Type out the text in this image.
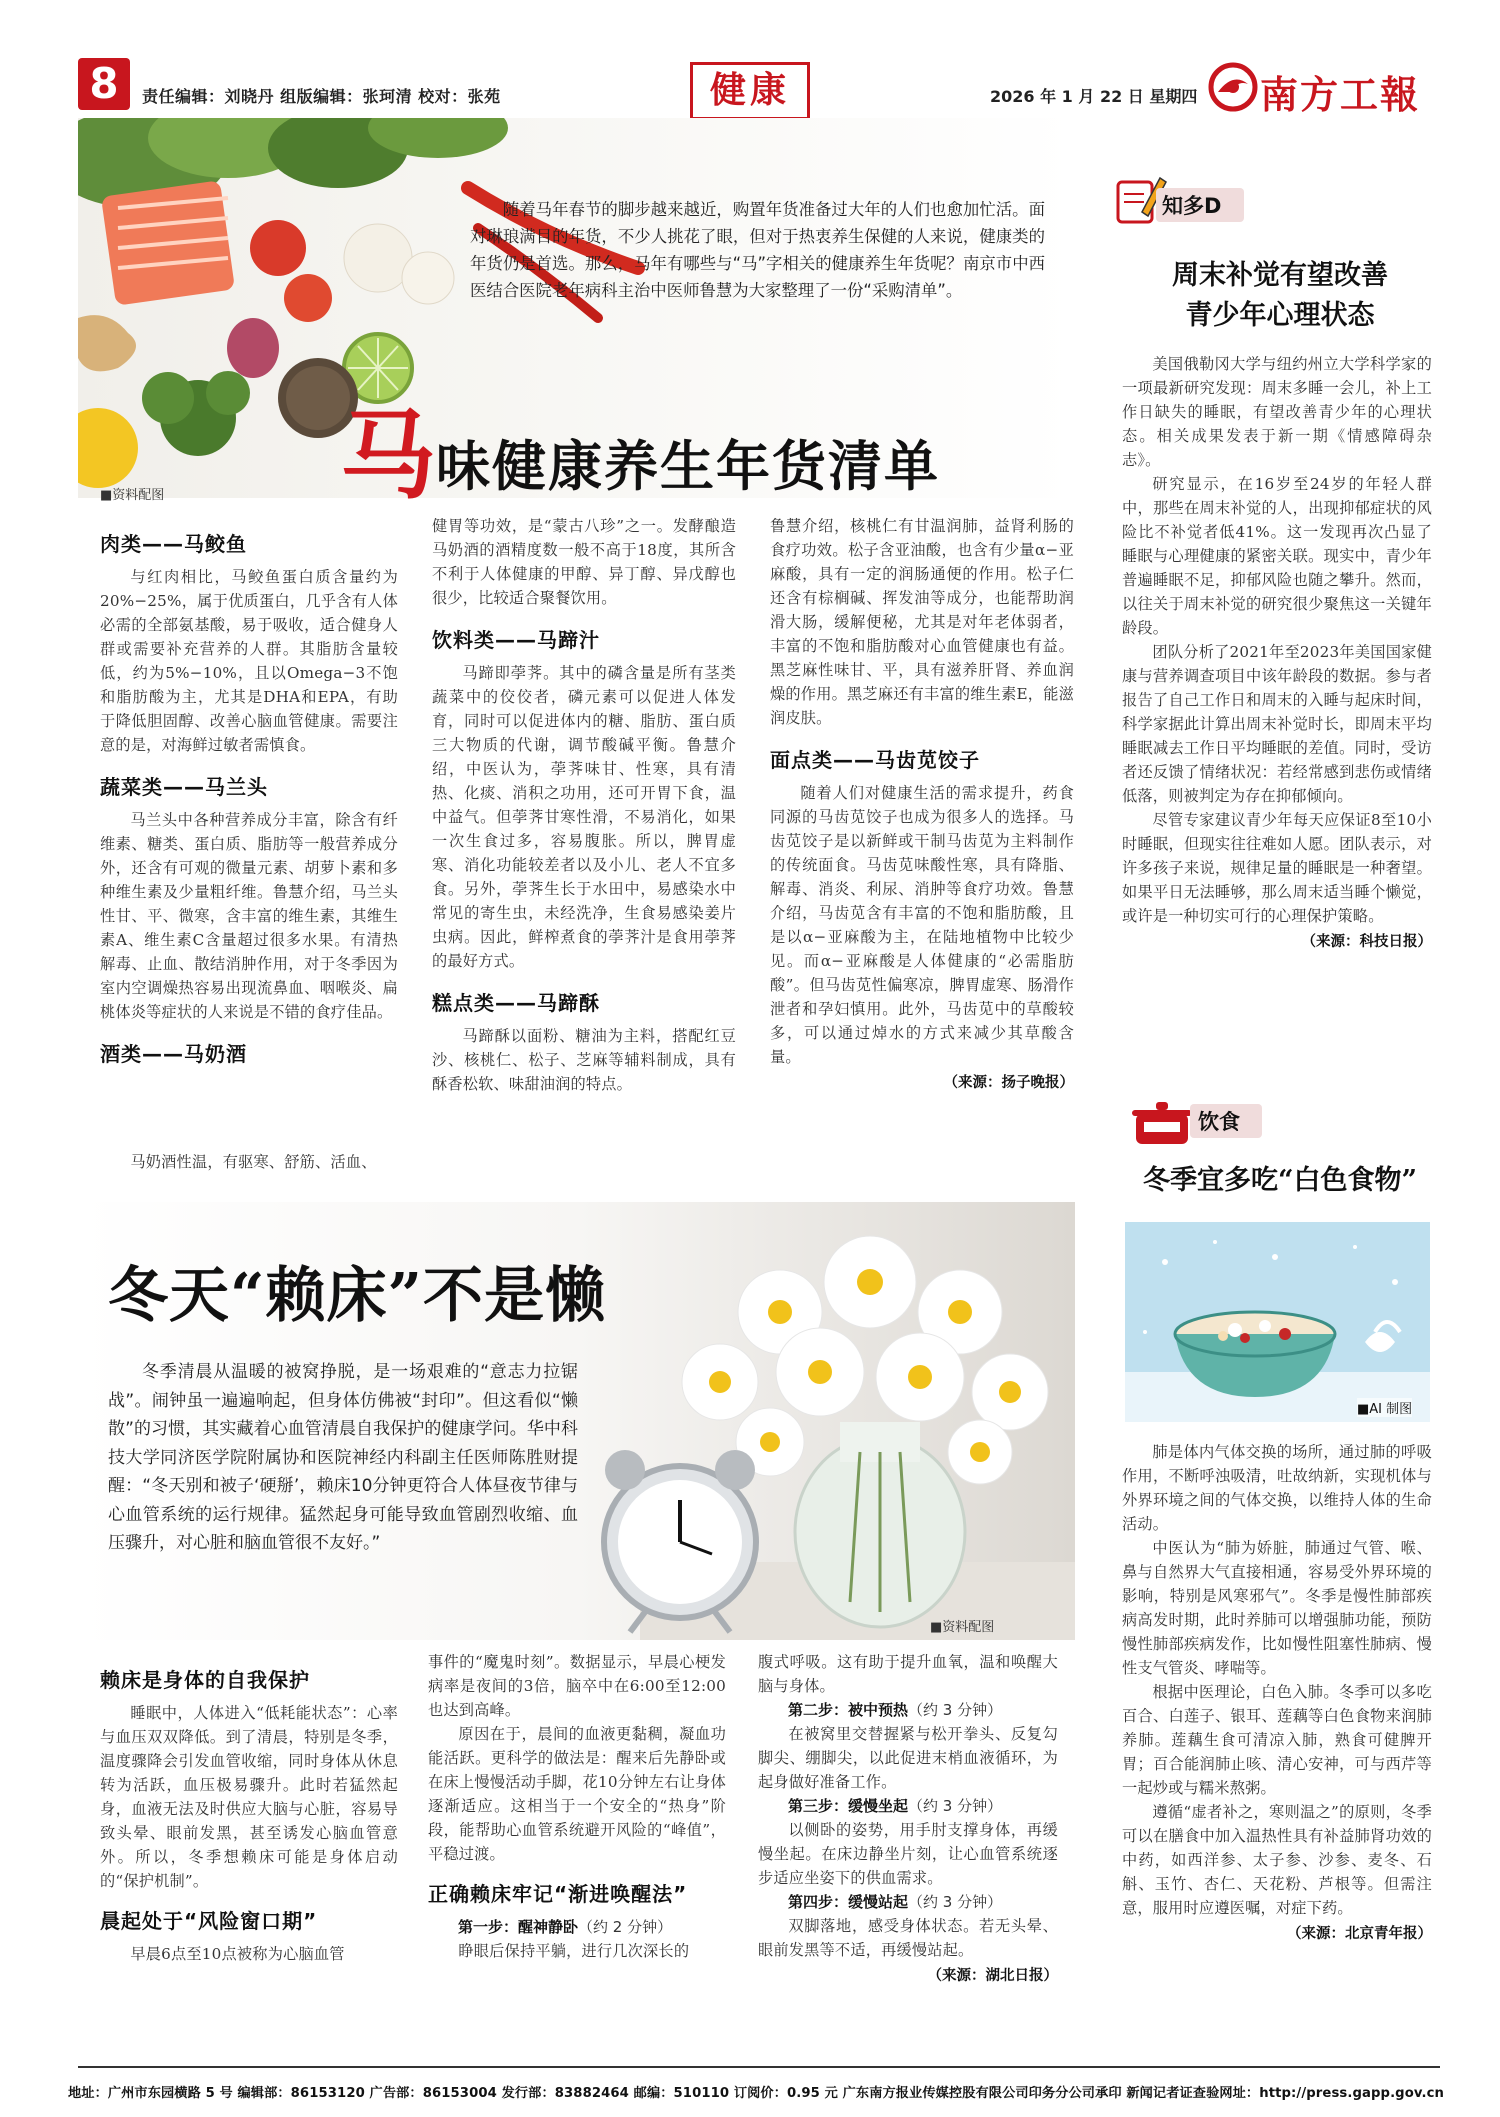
8	责任编辑：刘晓丹 组版编辑：张珂清 校对：张苑	健康	2026 年 1 月 22 日 星期四 南方工報
■资料配图
随着马年春节的脚步越来越近，购置年货准备过大年的人们也愈加忙活。面对琳琅满目的年货，不少人挑花了眼，但对于热衷养生保健的人来说，健康类的年货仍是首选。那么，马年有哪些与“马”字相关的健康养生年货呢？南京市中西医结合医院老年病科主治中医师鲁慧为大家整理了一份“采购清单”。
马味健康养生年货清单
肉类——马鲛鱼

与红肉相比，马鲛鱼蛋白质含量约为20%−25%，属于优质蛋白，几乎含有人体必需的全部氨基酸，易于吸收，适合健身人群或需要补充营养的人群。其脂肪含量较低，约为5%−10%，且以Omega−3不饱和脂肪酸为主，尤其是DHA和EPA，有助于降低胆固醇、改善心脑血管健康。需要注意的是，对海鲜过敏者需慎食。

蔬菜类——马兰头

马兰头中各种营养成分丰富，除含有纤维素、糖类、蛋白质、脂肪等一般营养成分外，还含有可观的微量元素、胡萝卜素和多种维生素及少量粗纤维。鲁慧介绍，马兰头性甘、平、微寒，含丰富的维生素，其维生素A、维生素C含量超过很多水果。有清热解毒、止血、散结消肿作用，对于冬季因为室内空调燥热容易出现流鼻血、咽喉炎、扁桃体炎等症状的人来说是不错的食疗佳品。

酒类——马奶酒

马奶酒性温，有驱寒、舒筋、活血、

健胃等功效，是“蒙古八珍”之一。发酵酿造马奶酒的酒精度数一般不高于18度，其所含不利于人体健康的甲醇、异丁醇、异戊醇也很少，比较适合聚餐饮用。

饮料类——马蹄汁

马蹄即荸荠。其中的磷含量是所有茎类蔬菜中的佼佼者，磷元素可以促进人体发育，同时可以促进体内的糖、脂肪、蛋白质三大物质的代谢，调节酸碱平衡。鲁慧介绍，中医认为，荸荠味甘、性寒，具有清热、化痰、消积之功用，还可开胃下食，温中益气。但荸荠甘寒性滑，不易消化，如果一次生食过多，容易腹胀。所以，脾胃虚寒、消化功能较差者以及小儿、老人不宜多食。另外，荸荠生长于水田中，易感染水中常见的寄生虫，未经洗净，生食易感染姜片虫病。因此，鲜榨煮食的荸荠汁是食用荸荠的最好方式。

糕点类——马蹄酥

马蹄酥以面粉、糖油为主料，搭配红豆沙、核桃仁、松子、芝麻等辅料制成，具有酥香松软、味甜油润的特点。

鲁慧介绍，核桃仁有甘温润肺，益肾利肠的食疗功效。松子含亚油酸，也含有少量α−亚麻酸，具有一定的润肠通便的作用。松子仁还含有棕榈碱、挥发油等成分，也能帮助润滑大肠，缓解便秘，尤其是对年老体弱者，丰富的不饱和脂肪酸对心血管健康也有益。黑芝麻性味甘、平，具有滋养肝肾、养血润燥的作用。黑芝麻还有丰富的维生素E，能滋润皮肤。

面点类——马齿苋饺子

随着人们对健康生活的需求提升，药食同源的马齿苋饺子也成为很多人的选择。马齿苋饺子是以新鲜或干制马齿苋为主料制作的传统面食。马齿苋味酸性寒，具有降脂、解毒、消炎、利尿、消肿等食疗功效。鲁慧介绍，马齿苋含有丰富的不饱和脂肪酸，且是以α−亚麻酸为主，在陆地植物中比较少见。而α−亚麻酸是人体健康的“必需脂肪酸”。但马齿苋性偏寒凉，脾胃虚寒、肠滑作泄者和孕妇慎用。此外，马齿苋中的草酸较多，可以通过焯水的方式来减少其草酸含量。

（来源：扬子晚报）
知多D
周末补觉有望改善
青少年心理状态

美国俄勒冈大学与纽约州立大学科学家的一项最新研究发现：周末多睡一会儿，补上工作日缺失的睡眠，有望改善青少年的心理状态。相关成果发表于新一期《情感障碍杂志》。

研究显示，在16岁至24岁的年轻人群中，那些在周末补觉的人，出现抑郁症状的风险比不补觉者低41%。这一发现再次凸显了睡眠与心理健康的紧密关联。现实中，青少年普遍睡眠不足，抑郁风险也随之攀升。然而，以往关于周末补觉的研究很少聚焦这一关键年龄段。

团队分析了2021年至2023年美国国家健康与营养调查项目中该年龄段的数据。参与者报告了自己工作日和周末的入睡与起床时间，科学家据此计算出周末补觉时长，即周末平均睡眠减去工作日平均睡眠的差值。同时，受访者还反馈了情绪状况：若经常感到悲伤或情绪低落，则被判定为存在抑郁倾向。

尽管专家建议青少年每天应保证8至10小时睡眠，但现实往往难如人愿。团队表示，对许多孩子来说，规律足量的睡眠是一种奢望。如果平日无法睡够，那么周末适当睡个懒觉，或许是一种切实可行的心理保护策略。

（来源：科技日报）
饮食
冬季宜多吃“白色食物”
■AI 制图

肺是体内气体交换的场所，通过肺的呼吸作用，不断呼浊吸清，吐故纳新，实现机体与外界环境之间的气体交换，以维持人体的生命活动。

中医认为“肺为娇脏，肺通过气管、喉、鼻与自然界大气直接相通，容易受外界环境的影响，特别是风寒邪气”。冬季是慢性肺部疾病高发时期，此时养肺可以增强肺功能，预防慢性肺部疾病发作，比如慢性阻塞性肺病、慢性支气管炎、哮喘等。

根据中医理论，白色入肺。冬季可以多吃百合、白莲子、银耳、莲藕等白色食物来润肺养肺。莲藕生食可清凉入肺，熟食可健脾开胃；百合能润肺止咳、清心安神，可与西芹等一起炒或与糯米熬粥。

遵循“虚者补之，寒则温之”的原则，冬季可以在膳食中加入温热性具有补益肺肾功效的中药，如西洋参、太子参、沙参、麦冬、石斛、玉竹、杏仁、天花粉、芦根等。但需注意，服用时应遵医嘱，对症下药。

（来源：北京青年报）
冬天“赖床”不是懒
冬季清晨从温暖的被窝挣脱，是一场艰难的“意志力拉锯战”。闹钟虽一遍遍响起，但身体仿佛被“封印”。但这看似“懒散”的习惯，其实藏着心血管清晨自我保护的健康学问。华中科技大学同济医学院附属协和医院神经内科副主任医师陈胜财提醒：“冬天别和被子‘硬掰’，赖床10分钟更符合人体昼夜节律与心血管系统的运行规律。猛然起身可能导致血管剧烈收缩、血压骤升，对心脏和脑血管很不友好。”
■资料配图
赖床是身体的自我保护

睡眠中，人体进入“低耗能状态”：心率与血压双双降低。到了清晨，特别是冬季，温度骤降会引发血管收缩，同时身体从休息转为活跃，血压极易骤升。此时若猛然起身，血液无法及时供应大脑与心脏，容易导致头晕、眼前发黑，甚至诱发心脑血管意外。所以，冬季想赖床可能是身体启动的“保护机制”。

晨起处于“风险窗口期”

早晨6点至10点被称为心脑血管

事件的“魔鬼时刻”。数据显示，早晨心梗发病率是夜间的3倍，脑卒中在6:00至12:00也达到高峰。

原因在于，晨间的血液更黏稠，凝血功能活跃。更科学的做法是：醒来后先静卧或在床上慢慢活动手脚，花10分钟左右让身体逐渐适应。这相当于一个安全的“热身”阶段，能帮助心血管系统避开风险的“峰值”，平稳过渡。

正确赖床牢记“渐进唤醒法”
第一步：醒神静卧（约 2 分钟）

睁眼后保持平躺，进行几次深长的

腹式呼吸。这有助于提升血氧，温和唤醒大脑与身体。

第二步：被中预热（约 3 分钟）

在被窝里交替握紧与松开拳头、反复勾脚尖、绷脚尖，以此促进末梢血液循环，为起身做好准备工作。

第三步：缓慢坐起（约 3 分钟）

以侧卧的姿势，用手肘支撑身体，再缓慢坐起。在床边静坐片刻，让心血管系统逐步适应坐姿下的供血需求。

第四步：缓慢站起（约 3 分钟）

双脚落地，感受身体状态。若无头晕、眼前发黑等不适，再缓慢站起。

（来源：湖北日报）
地址：广州市东园横路 5 号 编辑部：86153120 广告部：86153004 发行部：83882464 邮编：510110 订阅价：0.95 元 广东南方报业传媒控股有限公司印务分公司承印 新闻记者证查验网址：http://press.gapp.gov.cn
